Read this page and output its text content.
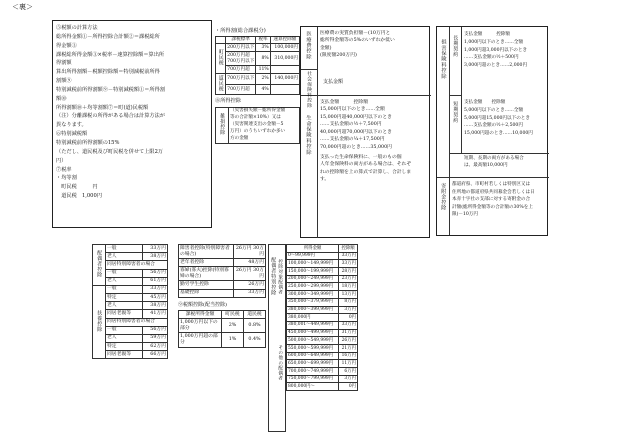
＜裏＞
⑤税額の計算方法
総所得金額①－所得控除合計額②＝課税総所
得金額③
課税総所得金額③×税率－速算控除額＝算出所
得割額
算出所得割額－税額控除額＝特別減税前所得
割額⑨
特別減税前所得割額⑨－特別減税額①＝所得割
額⑩
所得割額⑩＋均等割額⑦＝町(道)民税額
（注）分離課税の所得がある場合は計算方法が
異なります。
⑥特別減税額
特別減税前所得割額の15%
（ただし、道民税及び町民税を併せて上限2万
円）
⑦税率
・均等割
　町民税　　　円
　道民税　1,000円
・所得割(総合課税分)
	課税標準	税率	速算控除額
町民税	200万円以下	3%	100,000円
	200万円超 700万円以下	8%	310,000円
	700万円超	11%	
道民税	700万円以下	2%	140,000円
	700万円超	4%	
⑧所得控除
雑損控除	
（災害損失額－総所得金額
等の合計額×10%）又は
（災害関連支出の金額－5
万円）のうちいずれか多い
方の金額
医療費控除 医療費の実質負担額－(10万円と
総所得金額等の5%のいずれか低い
金額)
(限度額200万円)
社会保険料控除 支払金額
生命保険料控除
支払金額　　　	控除額
15,000円以下のとき……全額
15,000円超40,000円以下のとき
……支払金額の½＋7,500円
40,000円超70,000円以下のとき
……支払金額の¼＋17,500円
70,000円超のとき……35,000円
支払った生命保険料に、一般のもの個
人年金保険料の両方がある場合は、それぞ
れの控除額を上の算式で計算し、合計しま
す。
損害保険料控除 長期契約
短期契約
支払金額　　　	控除額
1,000円以下のとき……全額
1,000円超3,000円以下のとき
……支払金額の½＋500円
3,000円超のとき……2,000円
支払金額　　控除額
5,000円以下のとき……全額
5,000円超15,000円以下のとき
……支払金額の½＋2,500円
15,000円超のとき……10,000円
短期、長期の両方がある場合
は、最高額10,000円
寄附金控除 都道府県、市町村若しくは特別区又は
住所地の都道府県共同募金会若しくは日
本赤十字社の支部に対する寄附金の合
計額(総所得金額等の合計額の30%を上
限)－10万円
配偶者控除	一般	33万円
	老人	38万円
	同居特別障害者の場合	
	一般	56万円
	老人	61万円
扶養控除	一般	33万円
	特定	45万円
	老人	38万円
	同居老親等	41万円
	同居特別障害者の場合	
	一般	56万円
	老人	59万円
	特定	62万円
	同居老親等	66万円
障害者控除(特別障害者の場合)	26万円 30万円
老年者控除	48万円
寡婦(寡夫)控除(特別寡婦の場合)	26万円 30万円
勤労学生控除	26万円
基礎控除	33万円
⑨税額控除(配当控除)
課税所得金額	町民税	道民税
1,000万円以下の部分	2%	0.8%
1,000万円超の部分	1%	0.4%
配偶者特別控除 控除対象配偶者
その他の配偶者
所得金額	控除額
0〜99,999円	33万円
100,000〜149,999円	33万円
150,000〜199,999円	28万円
200,000〜249,999円	23万円
250,000〜299,999円	18万円
300,000〜349,999円	13万円
350,000〜379,999円	8万円
380,000〜399,999円	3万円
380,000円	0円
380,001〜449,999円	33万円
450,000〜499,999円	31万円
500,000〜549,999円	26万円
550,000〜599,999円	21万円
600,000〜649,999円	16万円
650,000〜699,999円	11万円
700,000〜749,999円	6万円
750,000〜799,999円	3万円
800,000円〜	0円
